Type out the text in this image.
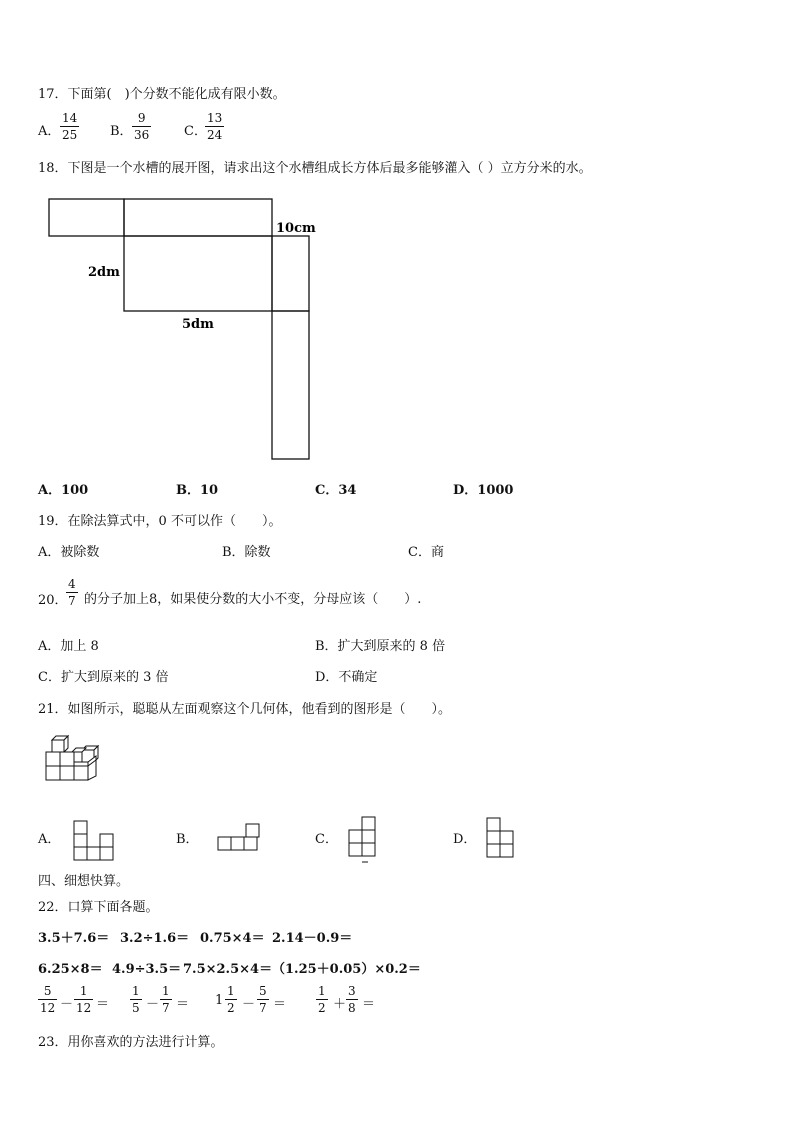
17．下面第(　)个分数不能化成有限小数。
A．
14
25	B．
9
36	C．
13
24
18．下图是一个水槽的展开图，请求出这个水槽组成长方体后最多能够灌入（ ）立方分米的水。
10cm
2dm
5dm
A．100	B．10	C．34	D．1000
19．在除法算式中，0 不可以作（　　）。
A．被除数	B．除数	C．商
20．
4
7 的分子加上8，如果使分数的大小不变，分母应该（　　）.
A．加上 8	B．扩大到原来的 8 倍
C．扩大到原来的 3 倍	D．不确定
21．如图所示，聪聪从左面观察这个几何体，他看到的图形是（　　）。
A．	B．	C．	D．
四、细想快算。
22．口算下面各题。
3.5＋7.6＝ 3.2÷1.6＝ 0.75×4＝ 2.14－0.9＝
6.25×8＝ 4.9÷3.5＝ 7.5×2.5×4＝ （1.25＋0.05）×0.2＝
5
12 －
1
12 ＝
1
5 －
1
7 ＝ 1
1
2 －
5
7 ＝
1
2 ＋
3
8 ＝
23．用你喜欢的方法进行计算。
